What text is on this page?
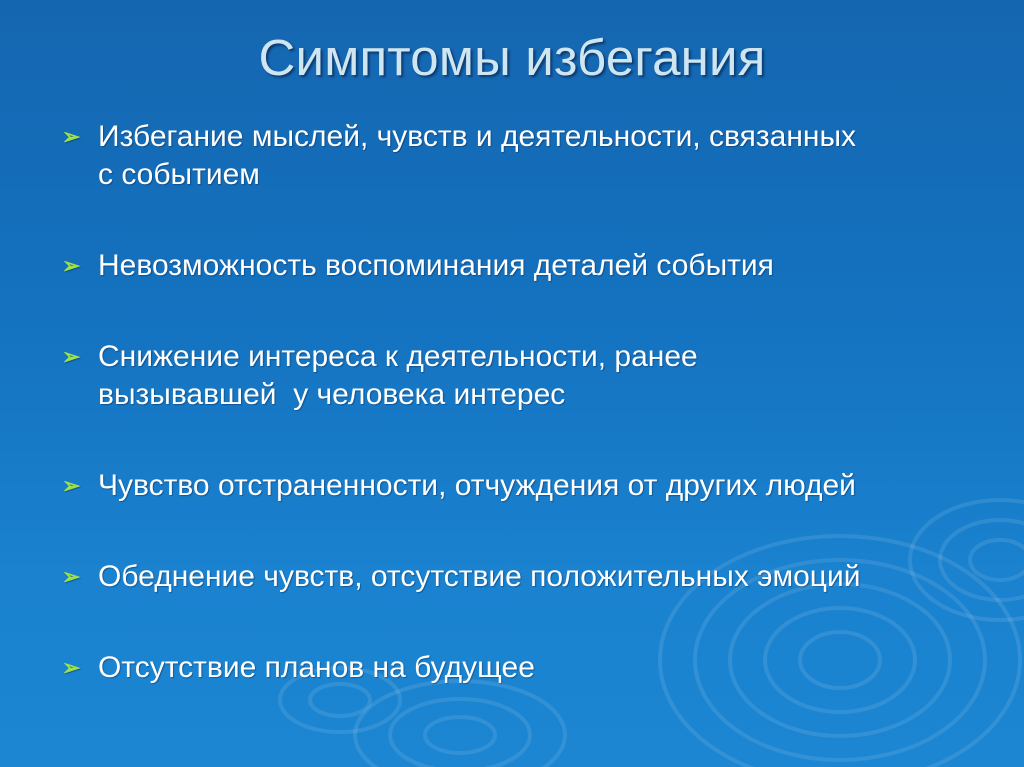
Симптомы избегания
➢ Избегание мыслей, чувств и деятельности, связанных
с событием
➢ Невозможность воспоминания деталей события
➢ Снижение интереса к деятельности, ранее
вызывавшей  у человека интерес
➢ Чувство отстраненности, отчуждения от других людей
➢ Обеднение чувств, отсутствие положительных эмоций
➢ Отсутствие планов на будущее
